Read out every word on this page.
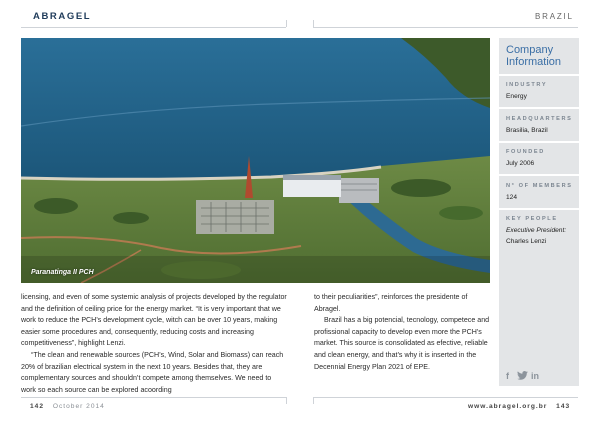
ABRAGEL	BRAZIL
Paranatinga II PCH

licensing, and even of some systemic analysis of projects developed by the regulator and the definition of ceiling price for the energy market. “It is very important that we work to reduce the PCH’s development cycle, witch can be over 10 years, making easier some procedures and, consequently, reducing costs and increasing competitiveness”, highlight Lenzi.

“The clean and renewable sources (PCH’s, Wind, Solar and Biomass) can reach 20% of brazilian electrical system in the next 10 years. Besides that, they are complementary sources and shouldn’t compete among themselves. We need to work so each source can be explored acoording

to their peculiarities”, reinforces the presidente of Abragel.

Brazil has a big potencial, tecnology, competece and profissional capacity to develop even more the PCH’s market. This source is consolidated as efective, reliable and clean energy, and that’s why it is inserted in the Decennial Energy Plan 2021 of EPE.

Company Information
INDUSTRY
Energy
HEADQUARTERS
Brasilia, Brazil
FOUNDED
July 2006
N° OF MEMBERS
124
KEY PEOPLE
Executive President:
Charles Lenzi
f in
142 October 2014	www.abragel.org.br 143
